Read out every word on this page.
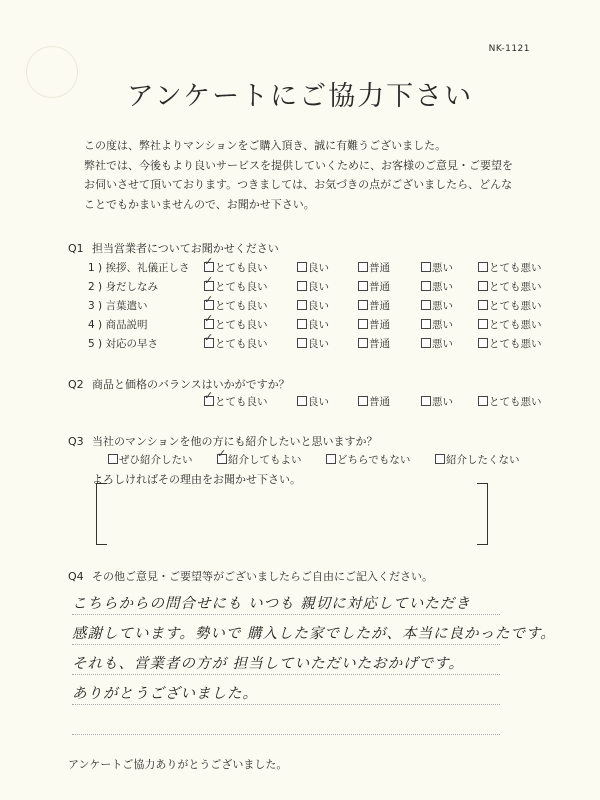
NK-1121
アンケートにご協力下さい
この度は、弊社よりマンションをご購入頂き、誠に有難うございました。
弊社では、今後もより良いサービスを提供していくために、お客様のご意見・ご要望を
お伺いさせて頂いております。つきましては、お気づきの点がございましたら、どんな
ことでもかまいませんので、お聞かせ下さい。
Q1 担当営業者についてお聞かせください
1 ) 挨拶、礼儀正しさ とても良い ✓	良い	普通	悪い	とても悪い
2 ) 身だしなみ	とても良い ✓	良い	普通	悪い	とても悪い
3 ) 言葉遣い	とても良い ✓	良い	普通	悪い	とても悪い
4 ) 商品説明	とても良い ✓	良い	普通	悪い	とても悪い
5 ) 対応の早さ	とても良い ✓	良い	普通	悪い	とても悪い
Q2 商品と価格のバランスはいかがですか？
とても良い ✓	良い	普通	悪い	とても悪い
Q3 当社のマンションを他の方にも紹介したいと思いますか？
ぜひ紹介したい	紹介してもよい ✓	どちらでもない	紹介したくない
よろしければその理由をお聞かせ下さい。
Q4 その他ご意見・ご要望等がございましたらご自由にご記入ください。
こちらからの問合せにも いつも 親切に対応していただき
感謝しています。勢いで 購入した家でしたが、本当に良かったです。
それも、営業者の方が 担当していただいたおかげです。
ありがとうございました。
アンケートご協力ありがとうございました。
